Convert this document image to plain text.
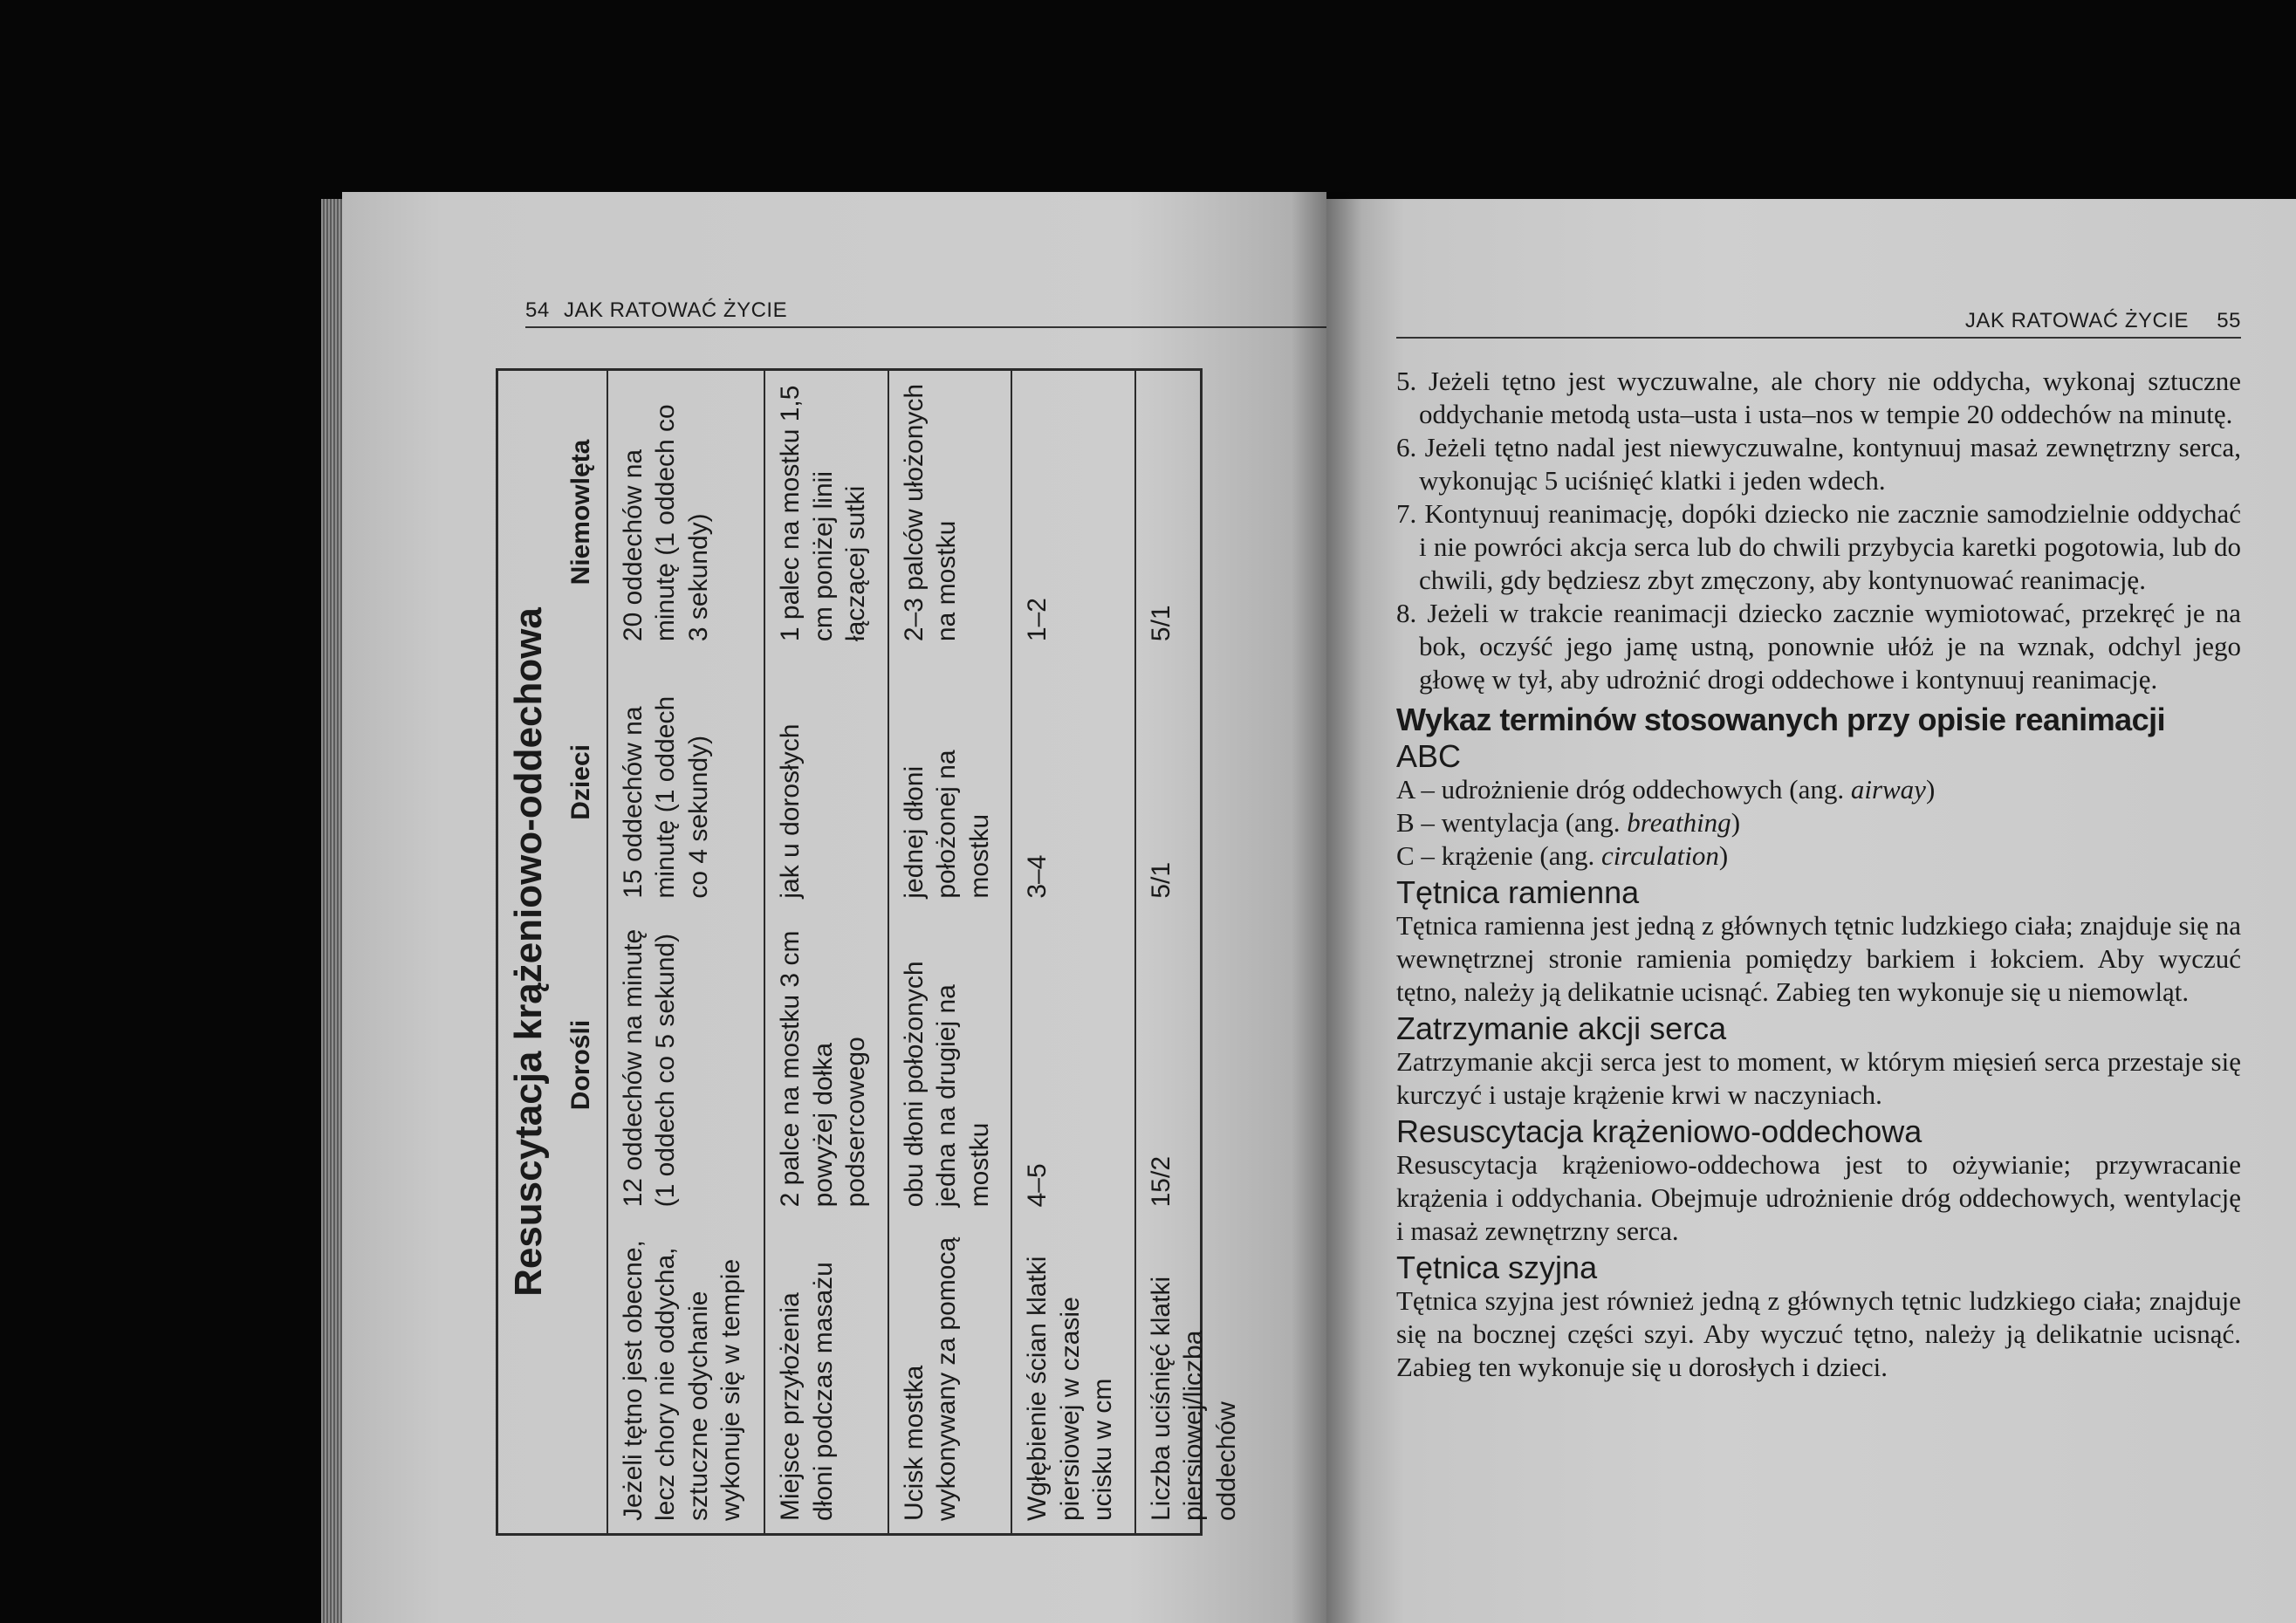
54 JAK RATOWAĆ ŻYCIE
Resuscytacja krążeniowo-oddechowa	Dorośli	Dzieci	Niemowlęta
Jeżeli tętno jest obecne, lecz chory nie oddycha, sztuczne odychanie wykonuje się w tempie	12 oddechów na minutę (1 oddech co 5 sekund)	15 oddechów na minutę (1 oddech co 4 sekundy)	20 oddechów na minutę (1 oddech co 3 sekundy)
Miejsce przyłożenia dłoni podczas masażu	2 palce na mostku 3 cm powyżej dołka podsercowego	jak u dorosłych	1 palec na mostku 1,5 cm poniżej linii łączącej sutki
Ucisk mostka wykonywany za pomocą	obu dłoni położonych jedna na drugiej na mostku	jednej dłoni położonej na mostku	2–3 palców ułożonych na mostku
Wgłębienie ścian klatki piersiowej w czasie ucisku w cm	4–5	3–4	1–2
Liczba uciśnięć klatki piersiowej/liczba oddechów	15/2	5/1	5/1
JAK RATOWAĆ ŻYCIE 55

5. Jeżeli tętno jest wyczuwalne, ale chory nie oddycha, wykonaj sztuczne oddychanie metodą usta–usta i usta–nos w tempie 20 oddechów na minutę.

6. Jeżeli tętno nadal jest niewyczuwalne, kontynuuj masaż zewnętrzny serca, wykonując 5 uciśnięć klatki i jeden wdech.

7. Kontynuuj reanimację, dopóki dziecko nie zacznie samodzielnie oddychać i nie powróci akcja serca lub do chwili przybycia karetki pogotowia, lub do chwili, gdy będziesz zbyt zmęczony, aby kontynuować reanimację.

8. Jeżeli w trakcie reanimacji dziecko zacznie wymiotować, przekręć je na bok, oczyść jego jamę ustną, ponownie ułóż je na wznak, odchyl jego głowę w tył, aby udrożnić drogi oddechowe i kontynuuj reanimację.

Wykaz terminów stosowanych przy opisie reanimacji
ABC

A – udrożnienie dróg oddechowych (ang. airway)

B – wentylacja (ang. breathing)

C – krążenie (ang. circulation)

Tętnica ramienna

Tętnica ramienna jest jedną z głównych tętnic ludzkiego ciała; znajduje się na wewnętrznej stronie ramienia pomiędzy barkiem i łokciem. Aby wyczuć tętno, należy ją delikatnie ucisnąć. Zabieg ten wykonuje się u niemowląt.

Zatrzymanie akcji serca

Zatrzymanie akcji serca jest to moment, w którym mięsień serca przestaje się kurczyć i ustaje krążenie krwi w naczyniach.

Resuscytacja krążeniowo-oddechowa

Resuscytacja krążeniowo-oddechowa jest to ożywianie; przywracanie krążenia i oddychania. Obejmuje udrożnienie dróg oddechowych, wentylację i masaż zewnętrzny serca.

Tętnica szyjna

Tętnica szyjna jest również jedną z głównych tętnic ludzkiego ciała; znajduje się na bocznej części szyi. Aby wyczuć tętno, należy ją delikatnie ucisnąć. Zabieg ten wykonuje się u dorosłych i dzieci.
